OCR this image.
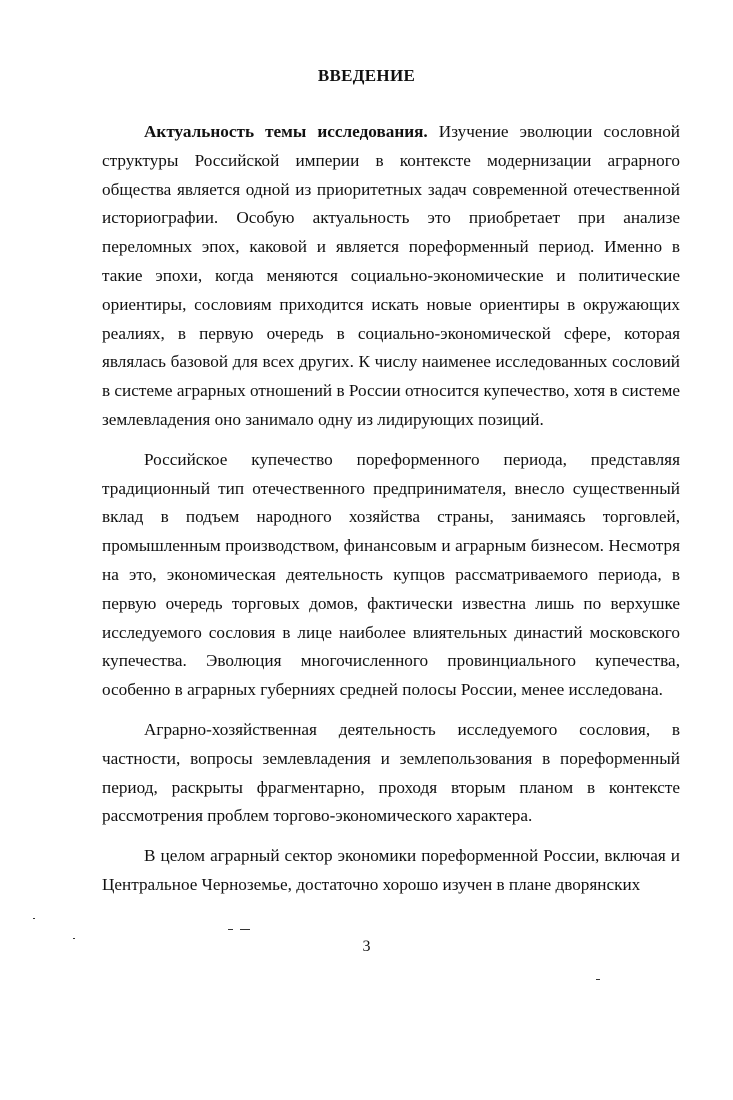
ВВЕДЕНИЕ

Актуальность темы исследования. Изучение эволюции сословной структуры Российской империи в контексте модернизации аграрного общества является одной из приоритетных задач современной отечественной историографии. Особую актуальность это приобретает при анализе переломных эпох, каковой и является пореформенный период. Именно в такие эпохи, когда меняются социально-экономические и политические ориентиры, сословиям приходится искать новые ориентиры в окружающих реалиях, в первую очередь в социально-экономической сфере, которая являлась базовой для всех других. К числу наименее исследованных сословий в системе аграрных отношений в России относится купечество, хотя в системе землевладения оно занимало одну из лидирующих позиций.

Российское купечество пореформенного периода, представляя традиционный тип отечественного предпринимателя, внесло существенный вклад в подъем народного хозяйства страны, занимаясь торговлей, промышленным производством, финансовым и аграрным бизнесом. Несмотря на это, экономическая деятельность купцов рассматриваемого периода, в первую очередь торговых домов, фактически известна лишь по верхушке исследуемого сословия в лице наиболее влиятельных династий московского купечества. Эволюция многочисленного провинциального купечества, особенно в аграрных губерниях средней полосы России, менее исследована.

Аграрно-хозяйственная деятельность исследуемого сословия, в частности, вопросы землевладения и землепользования в пореформенный период, раскрыты фрагментарно, проходя вторым планом в контексте рассмотрения проблем торгово-экономического характера.

В целом аграрный сектор экономики пореформенной России, включая и Центральное Черноземье, достаточно хорошо изучен в плане дворянских

3
